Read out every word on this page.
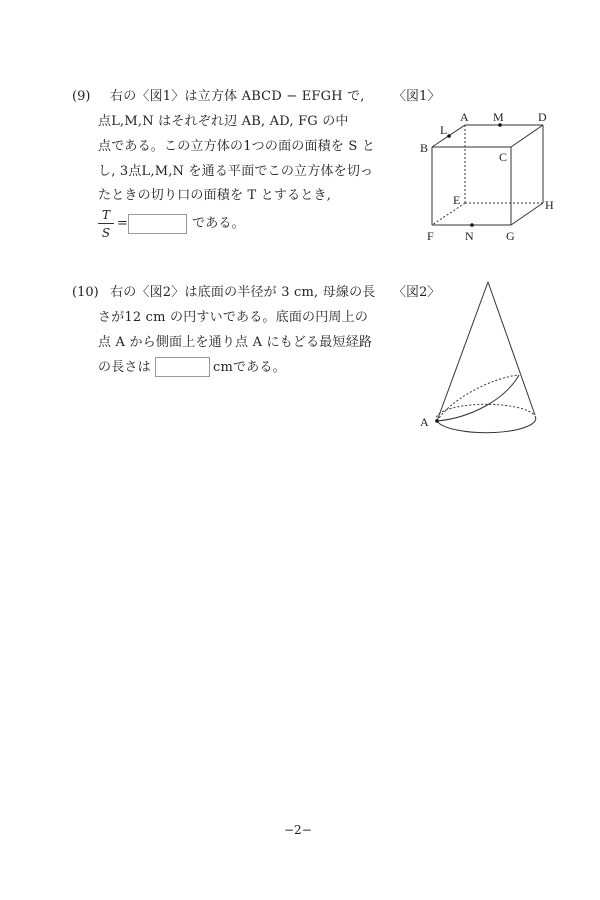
(9) 右の〈図1〉は立方体 ABCD − EFGH で,
点L,M,N はそれぞれ辺 AB, AD, FG の中
点である。この立方体の1つの面の面積を S と
し, 3点L,M,N を通る平面でこの立方体を切っ
たときの切り口の面積を T とするとき,
T
S
=	である。
〈図1〉
A M	D
L
B
C
E	H
F	N	G
(10) 右の〈図2〉は底面の半径が 3 cm, 母線の長
さが12 cm の円すいである。底面の円周上の
点 A から側面上を通り点 A にもどる最短経路
の長さは	cmである。
〈図2〉
A
−2−
